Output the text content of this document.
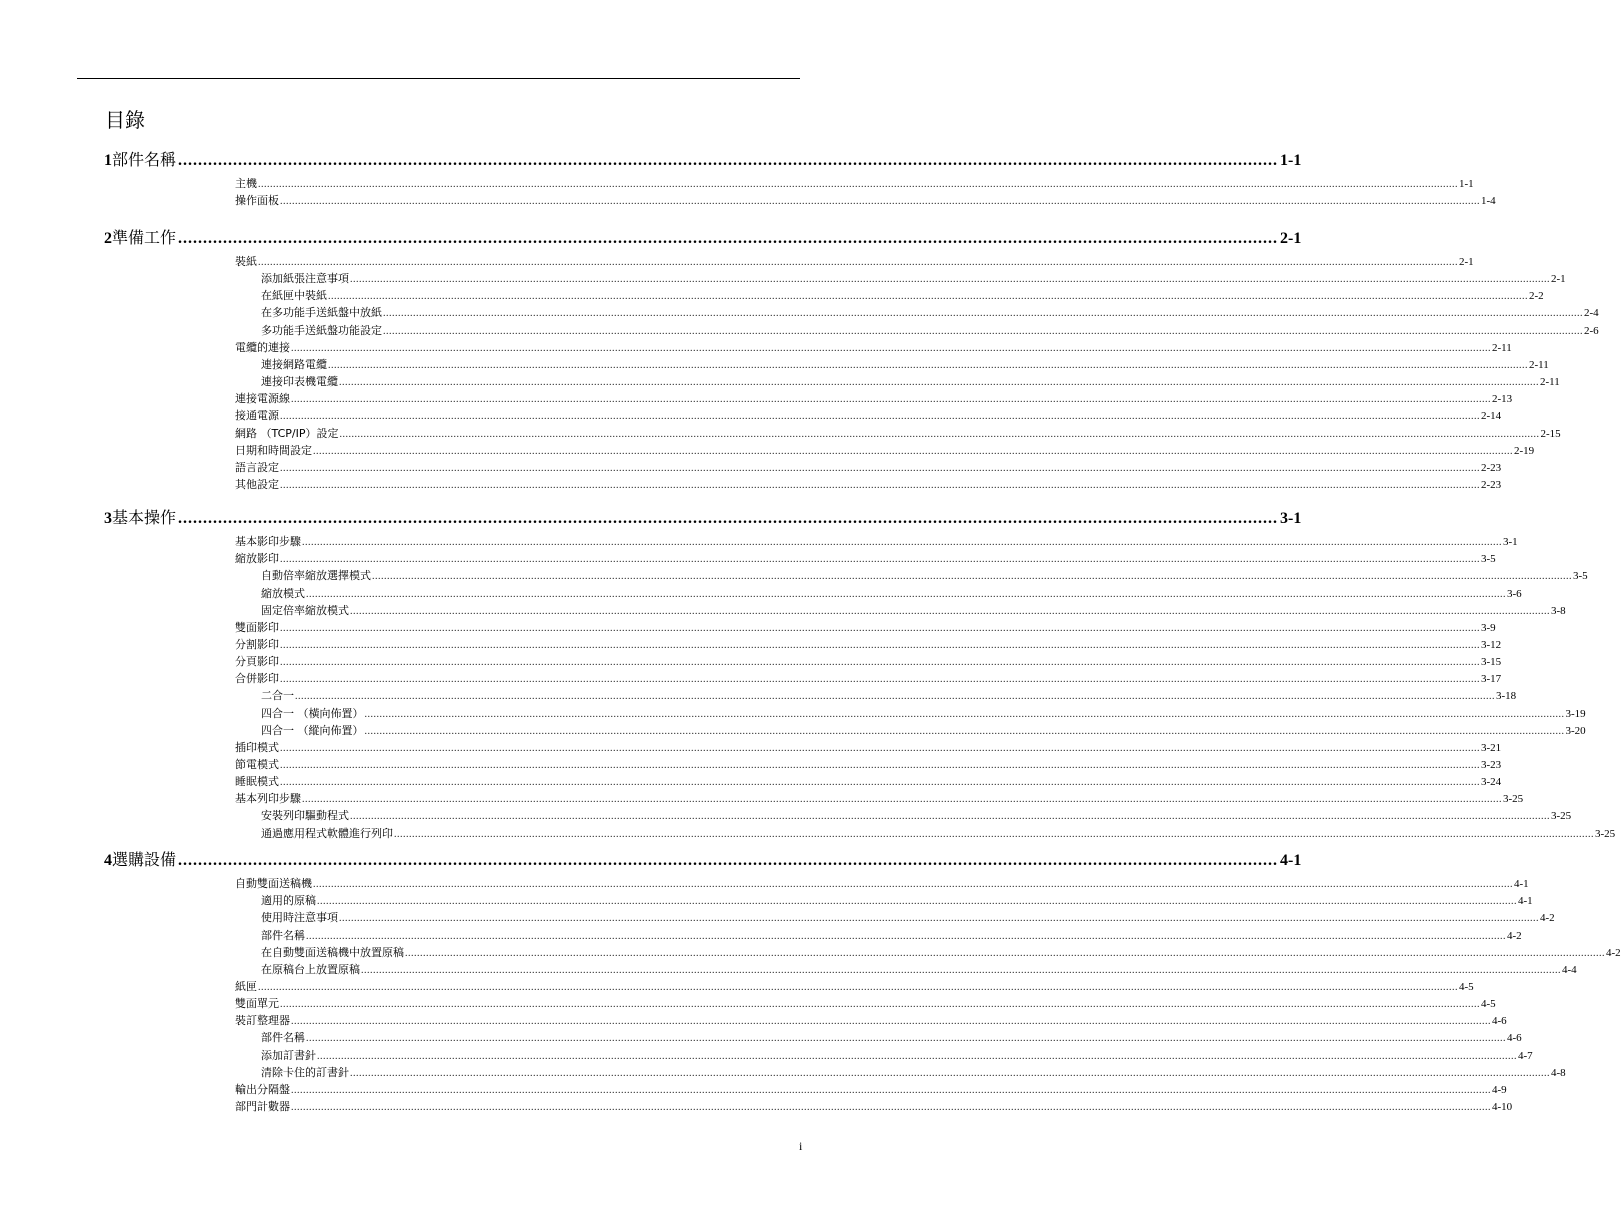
目錄
1 部件名稱 ............................................................................................................................................................................................................................ 1-1
主機 ................................................................................................................................................................................................................................................................................................................................................................................................................ 1-1
操作面板 ................................................................................................................................................................................................................................................................................................................................................................................................................ 1-4
2 準備工作 ............................................................................................................................................................................................................................ 2-1
裝紙 ................................................................................................................................................................................................................................................................................................................................................................................................................ 2-1
添加紙張注意事項 ................................................................................................................................................................................................................................................................................................................................................................................................................ 2-1
在紙匣中裝紙 ................................................................................................................................................................................................................................................................................................................................................................................................................ 2-2
在多功能手送紙盤中放紙 ................................................................................................................................................................................................................................................................................................................................................................................................................ 2-4
多功能手送紙盤功能設定 ................................................................................................................................................................................................................................................................................................................................................................................................................ 2-6
電纜的連接 ................................................................................................................................................................................................................................................................................................................................................................................................................ 2-11
連接網路電纜 ................................................................................................................................................................................................................................................................................................................................................................................................................ 2-11
連接印表機電纜 ................................................................................................................................................................................................................................................................................................................................................................................................................ 2-11
連接電源線 ................................................................................................................................................................................................................................................................................................................................................................................................................ 2-13
接通電源 ................................................................................................................................................................................................................................................................................................................................................................................................................ 2-14
網路 （TCP/IP）設定 ................................................................................................................................................................................................................................................................................................................................................................................................................ 2-15
日期和時間設定 ................................................................................................................................................................................................................................................................................................................................................................................................................ 2-19
語言設定 ................................................................................................................................................................................................................................................................................................................................................................................................................ 2-23
其他設定 ................................................................................................................................................................................................................................................................................................................................................................................................................ 2-23
3 基本操作 ............................................................................................................................................................................................................................ 3-1
基本影印步驟 ................................................................................................................................................................................................................................................................................................................................................................................................................ 3-1
縮放影印 ................................................................................................................................................................................................................................................................................................................................................................................................................ 3-5
自動倍率縮放選擇模式 ................................................................................................................................................................................................................................................................................................................................................................................................................ 3-5
縮放模式 ................................................................................................................................................................................................................................................................................................................................................................................................................ 3-6
固定倍率縮放模式 ................................................................................................................................................................................................................................................................................................................................................................................................................ 3-8
雙面影印 ................................................................................................................................................................................................................................................................................................................................................................................................................ 3-9
分割影印 ................................................................................................................................................................................................................................................................................................................................................................................................................ 3-12
分頁影印 ................................................................................................................................................................................................................................................................................................................................................................................................................ 3-15
合併影印 ................................................................................................................................................................................................................................................................................................................................................................................................................ 3-17
二合一 ................................................................................................................................................................................................................................................................................................................................................................................................................ 3-18
四合一 （橫向佈置） ................................................................................................................................................................................................................................................................................................................................................................................................................ 3-19
四合一 （縱向佈置） ................................................................................................................................................................................................................................................................................................................................................................................................................ 3-20
插印模式 ................................................................................................................................................................................................................................................................................................................................................................................................................ 3-21
節電模式 ................................................................................................................................................................................................................................................................................................................................................................................................................ 3-23
睡眠模式 ................................................................................................................................................................................................................................................................................................................................................................................................................ 3-24
基本列印步驟 ................................................................................................................................................................................................................................................................................................................................................................................................................ 3-25
安裝列印驅動程式 ................................................................................................................................................................................................................................................................................................................................................................................................................ 3-25
通過應用程式軟體進行列印 ................................................................................................................................................................................................................................................................................................................................................................................................................ 3-25
4 選購設備 ............................................................................................................................................................................................................................ 4-1
自動雙面送稿機 ................................................................................................................................................................................................................................................................................................................................................................................................................ 4-1
適用的原稿 ................................................................................................................................................................................................................................................................................................................................................................................................................ 4-1
使用時注意事項 ................................................................................................................................................................................................................................................................................................................................................................................................................ 4-2
部件名稱 ................................................................................................................................................................................................................................................................................................................................................................................................................ 4-2
在自動雙面送稿機中放置原稿 ................................................................................................................................................................................................................................................................................................................................................................................................................ 4-2
在原稿台上放置原稿 ................................................................................................................................................................................................................................................................................................................................................................................................................ 4-4
紙匣 ................................................................................................................................................................................................................................................................................................................................................................................................................ 4-5
雙面單元 ................................................................................................................................................................................................................................................................................................................................................................................................................ 4-5
裝訂整理器 ................................................................................................................................................................................................................................................................................................................................................................................................................ 4-6
部件名稱 ................................................................................................................................................................................................................................................................................................................................................................................................................ 4-6
添加訂書針 ................................................................................................................................................................................................................................................................................................................................................................................................................ 4-7
清除卡住的訂書針 ................................................................................................................................................................................................................................................................................................................................................................................................................ 4-8
輸出分隔盤 ................................................................................................................................................................................................................................................................................................................................................................................................................ 4-9
部門計數器 ................................................................................................................................................................................................................................................................................................................................................................................................................ 4-10
i
